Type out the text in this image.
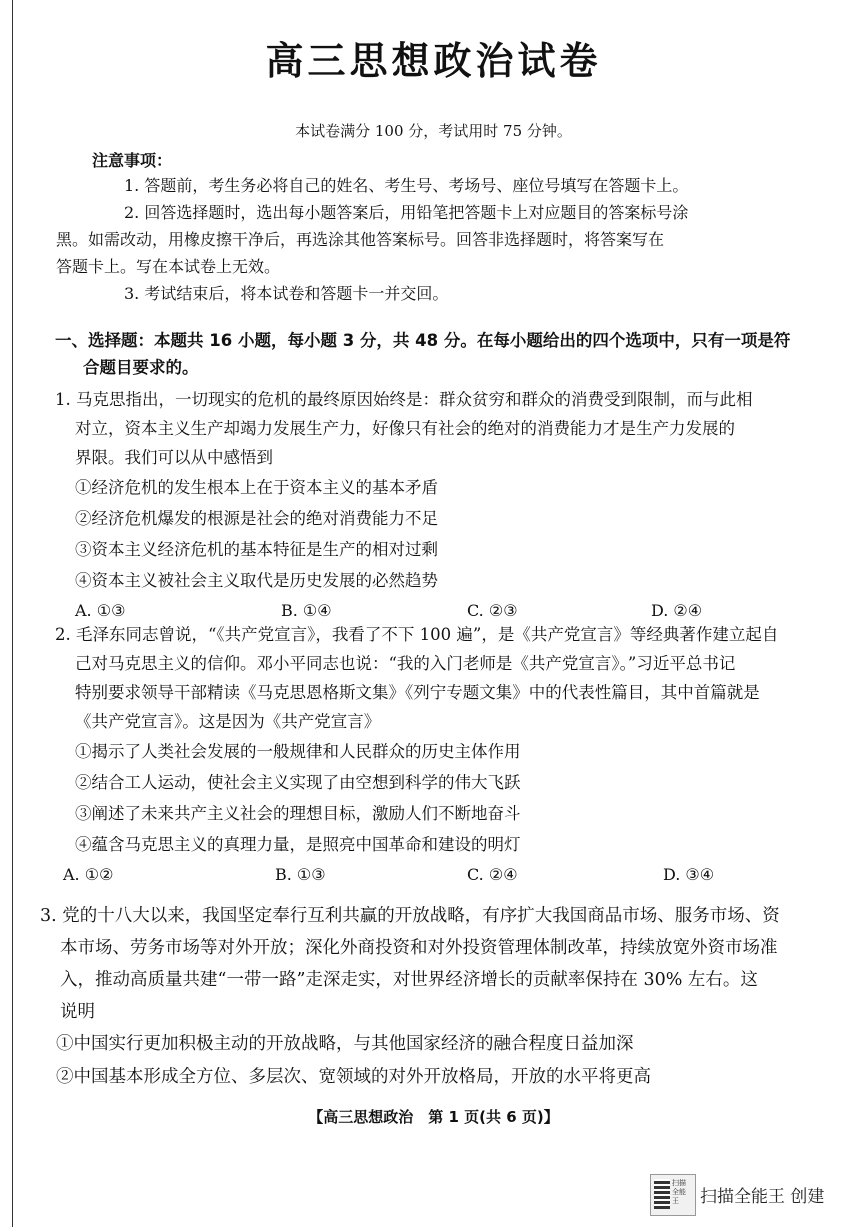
高三思想政治试卷
本试卷满分 100 分，考试用时 75 分钟。
注意事项：

1. 答题前，考生务必将自己的姓名、考生号、考场号、座位号填写在答题卡上。

2. 回答选择题时，选出每小题答案后，用铅笔把答题卡上对应题目的答案标号涂

黑。如需改动，用橡皮擦干净后，再选涂其他答案标号。回答非选择题时，将答案写在

答题卡上。写在本试卷上无效。

3. 考试结束后，将本试卷和答题卡一并交回。

一、选择题：本题共 16 小题，每小题 3 分，共 48 分。在每小题给出的四个选项中，只有一项是符
合题目要求的。

1. 马克思指出，一切现实的危机的最终原因始终是：群众贫穷和群众的消费受到限制，而与此相
对立，资本主义生产却竭力发展生产力，好像只有社会的绝对的消费能力才是生产力发展的
界限。我们可以从中感悟到

①经济危机的发生根本上在于资本主义的基本矛盾

②经济危机爆发的根源是社会的绝对消费能力不足

③资本主义经济危机的基本特征是生产的相对过剩

④资本主义被社会主义取代是历史发展的必然趋势

A. ①③	B. ①④	C. ②③	D. ②④

2. 毛泽东同志曾说，“《共产党宣言》，我看了不下 100 遍”，是《共产党宣言》等经典著作建立起自
己对马克思主义的信仰。邓小平同志也说：“我的入门老师是《共产党宣言》。”习近平总书记
特别要求领导干部精读《马克思恩格斯文集》《列宁专题文集》中的代表性篇目，其中首篇就是
《共产党宣言》。这是因为《共产党宣言》

①揭示了人类社会发展的一般规律和人民群众的历史主体作用

②结合工人运动，使社会主义实现了由空想到科学的伟大飞跃

③阐述了未来共产主义社会的理想目标，激励人们不断地奋斗

④蕴含马克思主义的真理力量，是照亮中国革命和建设的明灯

A. ①②	B. ①③	C. ②④	D. ③④

3. 党的十八大以来，我国坚定奉行互利共赢的开放战略，有序扩大我国商品市场、服务市场、资
本市场、劳务市场等对外开放；深化外商投资和对外投资管理体制改革，持续放宽外资市场准
入，推动高质量共建“一带一路”走深走实，对世界经济增长的贡献率保持在 30% 左右。这
说明

①中国实行更加积极主动的开放战略，与其他国家经济的融合程度日益加深

②中国基本形成全方位、多层次、宽领域的对外开放格局，开放的水平将更高

【高三思想政治　第 1 页(共 6 页)】
扫描全能王	扫描全能王 创建
